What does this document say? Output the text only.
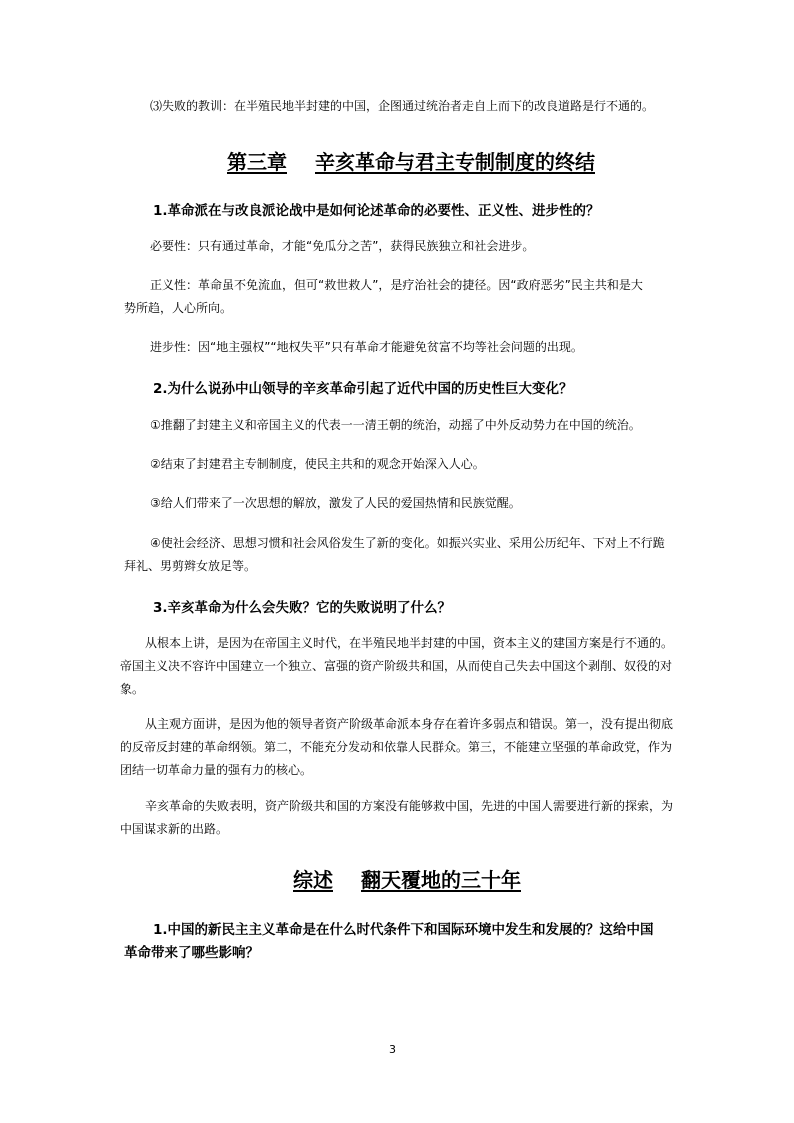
⑶失败的教训：在半殖民地半封建的中国，企图通过统治者走自上而下的改良道路是行不通的。

第三章 辛亥革命与君主专制制度的终结

1.革命派在与改良派论战中是如何论述革命的必要性、正义性、进步性的？

必要性：只有通过革命，才能“免瓜分之苦”，获得民族独立和社会进步。

正义性：革命虽不免流血，但可“救世救人”，是疗治社会的捷径。因“政府恶劣”民主共和是大

势所趋，人心所向。

进步性：因“地主强权”“地权失平”只有革命才能避免贫富不均等社会问题的出现。

2.为什么说孙中山领导的辛亥革命引起了近代中国的历史性巨大变化？

①推翻了封建主义和帝国主义的代表一一清王朝的统治，动摇了中外反动势力在中国的统治。

②结束了封建君主专制制度，使民主共和的观念开始深入人心。

③给人们带来了一次思想的解放，激发了人民的爱国热情和民族觉醒。

④使社会经济、思想习惯和社会风俗发生了新的变化。如振兴实业、采用公历纪年、下对上不行跪

拜礼、男剪辫女放足等。

3.辛亥革命为什么会失败？它的失败说明了什么？

从根本上讲，是因为在帝国主义时代，在半殖民地半封建的中国，资本主义的建国方案是行不通的。

帝国主义决不容许中国建立一个独立、富强的资产阶级共和国，从而使自己失去中国这个剥削、奴役的对

象。

从主观方面讲，是因为他的领导者资产阶级革命派本身存在着许多弱点和错误。第一，没有提出彻底

的反帝反封建的革命纲领。第二，不能充分发动和依靠人民群众。第三，不能建立坚强的革命政党，作为

团结一切革命力量的强有力的核心。

辛亥革命的失败表明，资产阶级共和国的方案没有能够救中国，先进的中国人需要进行新的探索，为

中国谋求新的出路。

综述 翻天覆地的三十年

1.中国的新民主主义革命是在什么时代条件下和国际环境中发生和发展的？这给中国

革命带来了哪些影响？

3
